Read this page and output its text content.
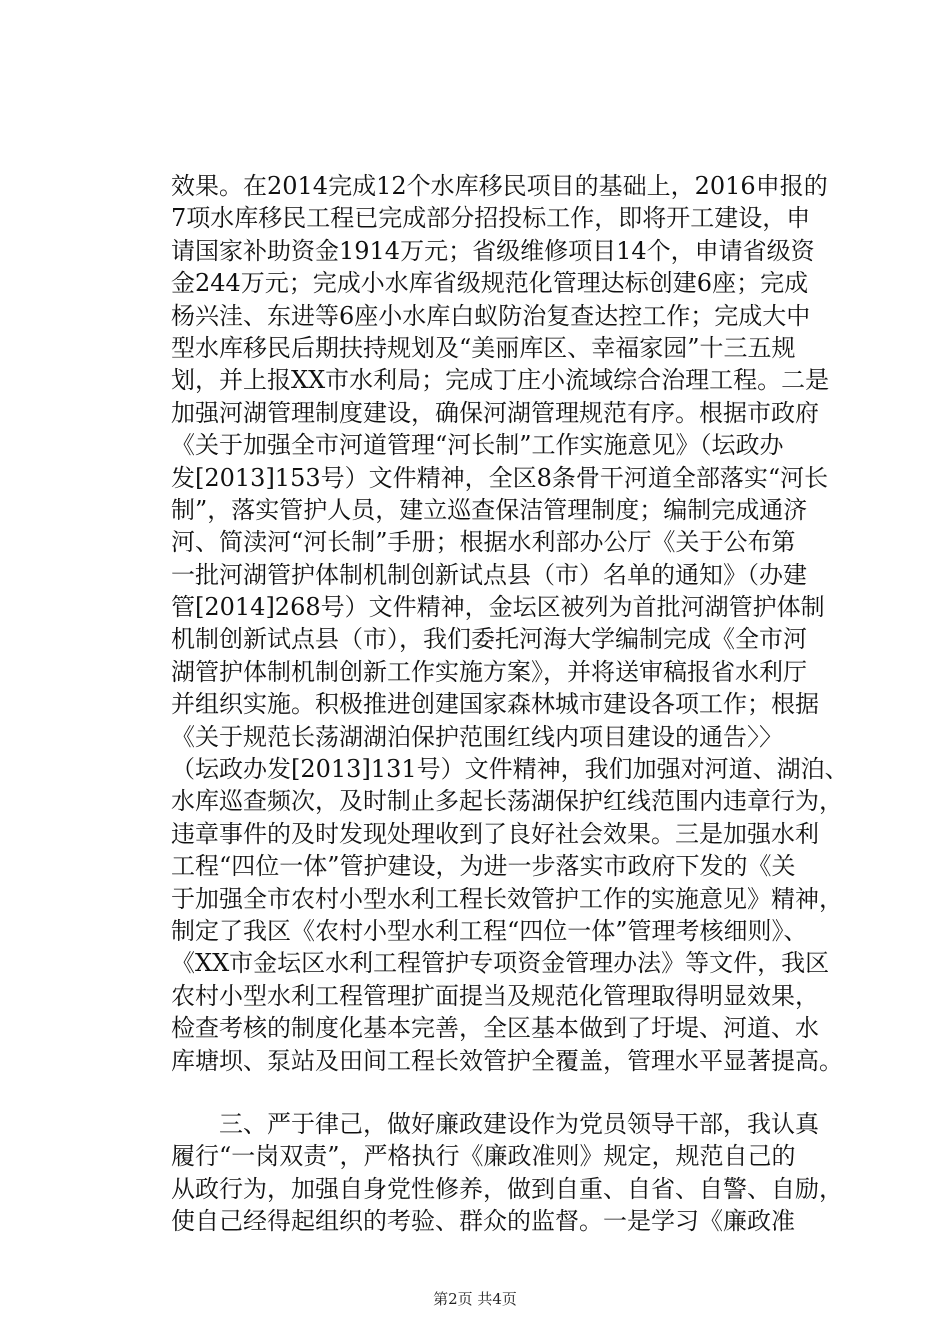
效果。在2014完成12个水库移民项目的基础上，2016申报的
7项水库移民工程已完成部分招投标工作，即将开工建设，申
请国家补助资金1914万元；省级维修项目14个，申请省级资
金244万元；完成小水库省级规范化管理达标创建6座；完成
杨兴洼、东进等6座小水库白蚁防治复查达控工作；完成大中
型水库移民后期扶持规划及“美丽库区、幸福家园”十三五规
划，并上报XX市水利局；完成丁庄小流域综合治理工程。二是
加强河湖管理制度建设，确保河湖管理规范有序。根据市政府
《关于加强全市河道管理“河长制”工作实施意见》（坛政办
发[2013]153号）文件精神，全区8条骨干河道全部落实“河长
制”，落实管护人员，建立巡查保洁管理制度；编制完成通济
河、简渎河“河长制”手册；根据水利部办公厅《关于公布第
一批河湖管护体制机制创新试点县（市）名单的通知》（办建
管[2014]268号）文件精神，金坛区被列为首批河湖管护体制
机制创新试点县（市），我们委托河海大学编制完成《全市河
湖管护体制机制创新工作实施方案》，并将送审稿报省水利厅
并组织实施。积极推进创建国家森林城市建设各项工作；根据
《关于规范长荡湖湖泊保护范围红线内项目建设的通告〉〉
（坛政办发[2013]131号）文件精神，我们加强对河道、湖泊、
水库巡查频次，及时制止多起长荡湖保护红线范围内违章行为，
违章事件的及时发现处理收到了良好社会效果。三是加强水利
工程“四位一体”管护建设，为进一步落实市政府下发的《关
于加强全市农村小型水利工程长效管护工作的实施意见》精神，
制定了我区《农村小型水利工程“四位一体”管理考核细则》、
《XX市金坛区水利工程管护专项资金管理办法》等文件，我区
农村小型水利工程管理扩面提当及规范化管理取得明显效果，
检查考核的制度化基本完善，全区基本做到了圩堤、河道、水
库塘坝、泵站及田间工程长效管护全覆盖，管理水平显著提高。
三、严于律己，做好廉政建设作为党员领导干部，我认真
履行“一岗双责”，严格执行《廉政准则》规定，规范自己的
从政行为，加强自身党性修养，做到自重、自省、自警、自励，
使自己经得起组织的考验、群众的监督。一是学习《廉政准
第2页 共4页
